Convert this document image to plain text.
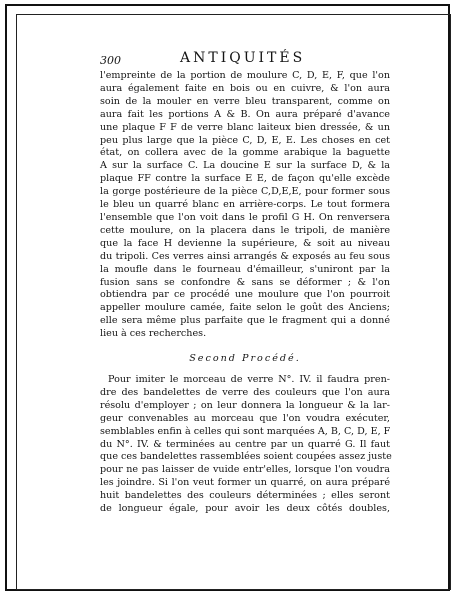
300	ANTIQUITÉS

l'empreinte de la portion de moulure C, D, E, F, que l'on
aura également faite en bois ou en cuivre, & l'on aura
soin de la mouler en verre bleu transparent, comme on
aura fait les portions A & B. On aura préparé d'avance
une plaque F F de verre blanc laiteux bien dressée, & un
peu plus large que la pièce C, D, E, E. Les choses en cet
état, on collera avec de la gomme arabique la baguette
A sur la surface C. La doucine E sur la surface D, & la
plaque FF contre la surface E E, de façon qu'elle excède
la gorge postérieure de la pièce C,D,E,E, pour former sous
le bleu un quarré blanc en arrière-corps. Le tout formera
l'ensemble que l'on voit dans le profil G H. On renversera
cette moulure, on la placera dans le tripoli, de manière
que la face H devienne la supérieure, & soit au niveau
du tripoli. Ces verres ainsi arrangés & exposés au feu sous
la moufle dans le fourneau d'émailleur, s'uniront par la
fusion sans se confondre & sans se déformer ; & l'on
obtiendra par ce procédé une moulure que l'on pourroit
appeller moulure camée, faite selon le goût des Anciens;
elle sera même plus parfaite que le fragment qui a donné
lieu à ces recherches.

Second Procédé.

Pour imiter le morceau de verre N°. IV. il faudra pren-
dre des bandelettes de verre des couleurs que l'on aura
résolu d'employer ; on leur donnera la longueur & la lar-
geur convenables au morceau que l'on voudra exécuter,
semblables enfin à celles qui sont marquées A, B, C, D, E, F
du N°. IV. & terminées au centre par un quarré G. Il faut
que ces bandelettes rassemblées soient coupées assez juste
pour ne pas laisser de vuide entr'elles, lorsque l'on voudra
les joindre. Si l'on veut former un quarré, on aura préparé
huit bandelettes des couleurs déterminées ; elles seront
de longueur égale, pour avoir les deux côtés doubles,
